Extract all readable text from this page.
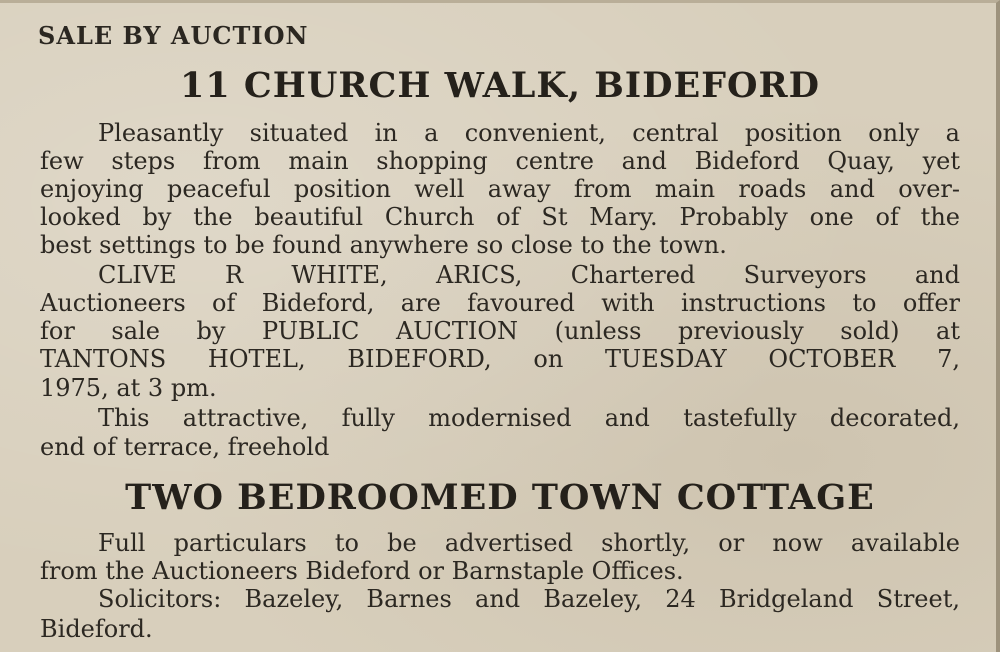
SALE BY AUCTION
11 CHURCH WALK, BIDEFORD
Pleasantly situated in a convenient, central position only a
few steps from main shopping centre and Bideford Quay, yet
enjoying peaceful position well away from main roads and over-
looked by the beautiful Church of St Mary. Probably one of the
best settings to be found anywhere so close to the town.
CLIVE R WHITE, ARICS, Chartered Surveyors and
Auctioneers of Bideford, are favoured with instructions to offer
for sale by PUBLIC AUCTION (unless previously sold) at
TANTONS HOTEL, BIDEFORD, on TUESDAY OCTOBER 7,
1975, at 3 pm.
This attractive, fully modernised and tastefully decorated,
end of terrace, freehold
TWO BEDROOMED TOWN COTTAGE
Full particulars to be advertised shortly, or now available
from the Auctioneers Bideford or Barnstaple Offices.
Solicitors: Bazeley, Barnes and Bazeley, 24 Bridgeland Street,
Bideford.
